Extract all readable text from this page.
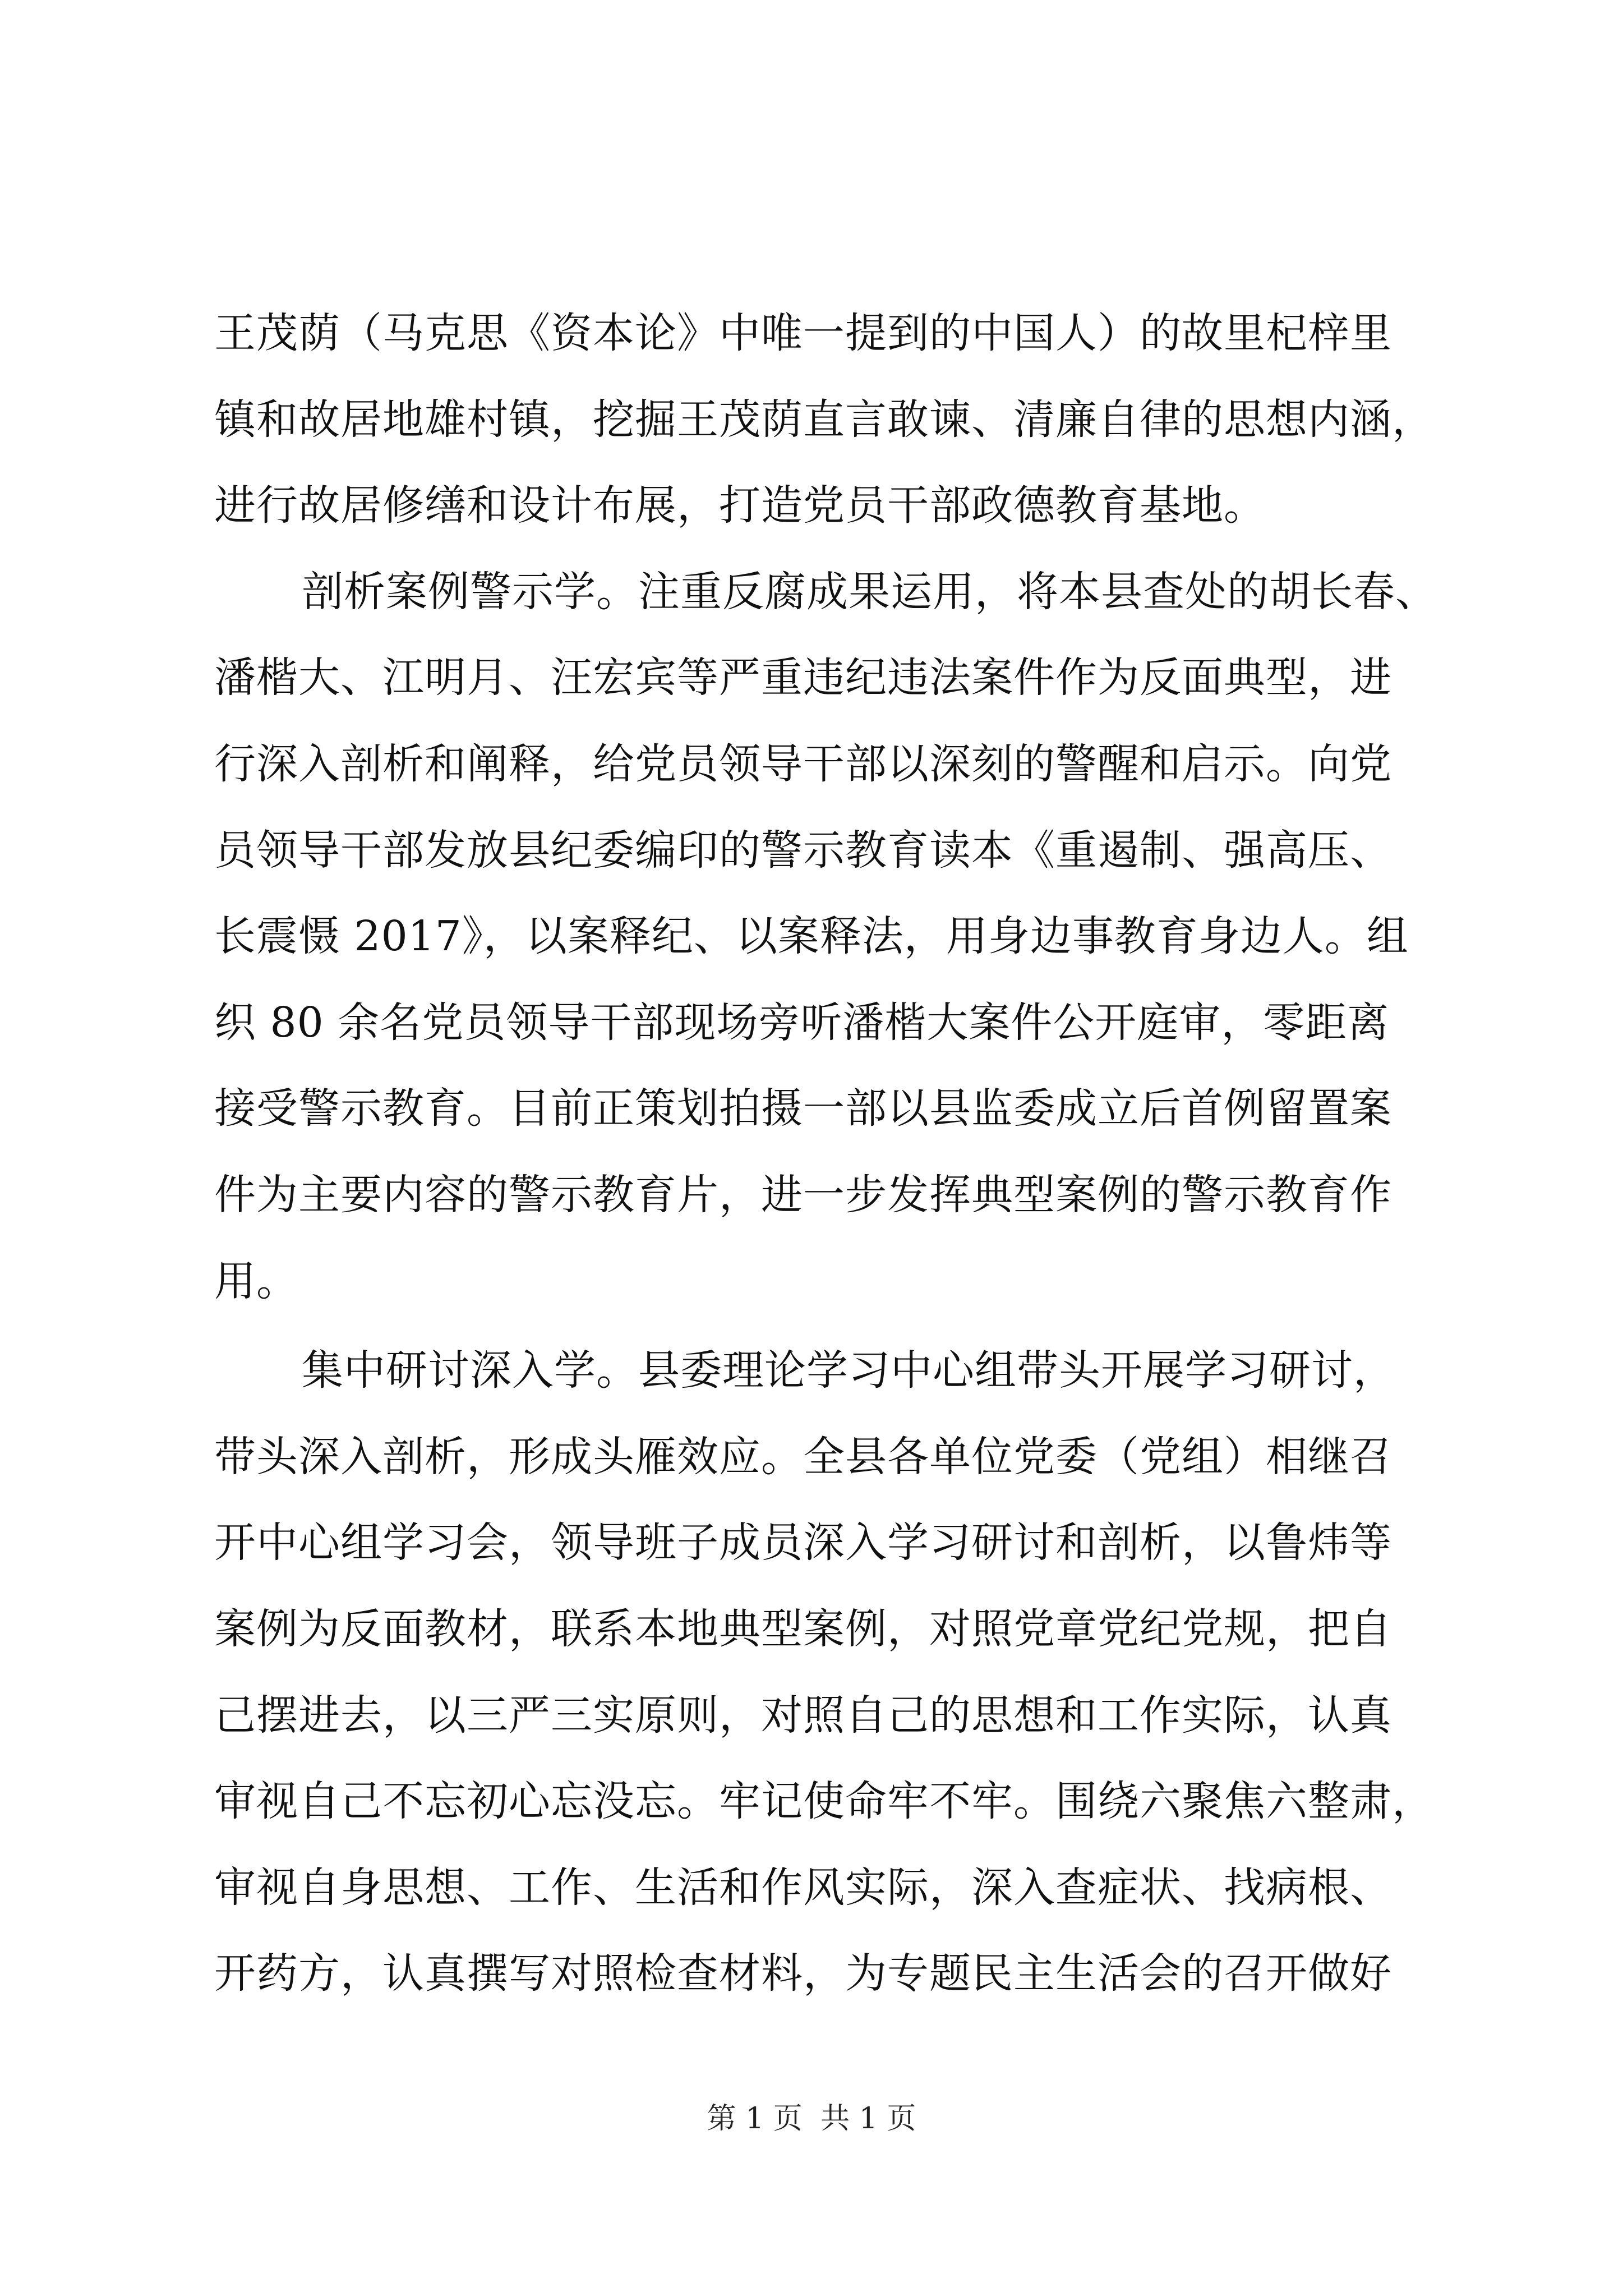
王茂荫（马克思《资本论》中唯一提到的中国人）的故里杞梓里
镇和故居地雄村镇，挖掘王茂荫直言敢谏、清廉自律的思想内涵，
进行故居修缮和设计布展，打造党员干部政德教育基地。
剖析案例警示学。注重反腐成果运用，将本县查处的胡长春、
潘楷大、江明月、汪宏宾等严重违纪违法案件作为反面典型，进
行深入剖析和阐释，给党员领导干部以深刻的警醒和启示。向党
员领导干部发放县纪委编印的警示教育读本《重遏制、强高压、
长震慑 2017》，以案释纪、以案释法，用身边事教育身边人。组
织 80 余名党员领导干部现场旁听潘楷大案件公开庭审，零距离
接受警示教育。目前正策划拍摄一部以县监委成立后首例留置案
件为主要内容的警示教育片，进一步发挥典型案例的警示教育作
用。
集中研讨深入学。县委理论学习中心组带头开展学习研讨，
带头深入剖析，形成头雁效应。全县各单位党委（党组）相继召
开中心组学习会，领导班子成员深入学习研讨和剖析，以鲁炜等
案例为反面教材，联系本地典型案例，对照党章党纪党规，把自
己摆进去，以三严三实原则，对照自己的思想和工作实际，认真
审视自己不忘初心忘没忘。牢记使命牢不牢。围绕六聚焦六整肃，
审视自身思想、工作、生活和作风实际，深入查症状、找病根、
开药方，认真撰写对照检查材料，为专题民主生活会的召开做好
第 1 页 共 1 页
